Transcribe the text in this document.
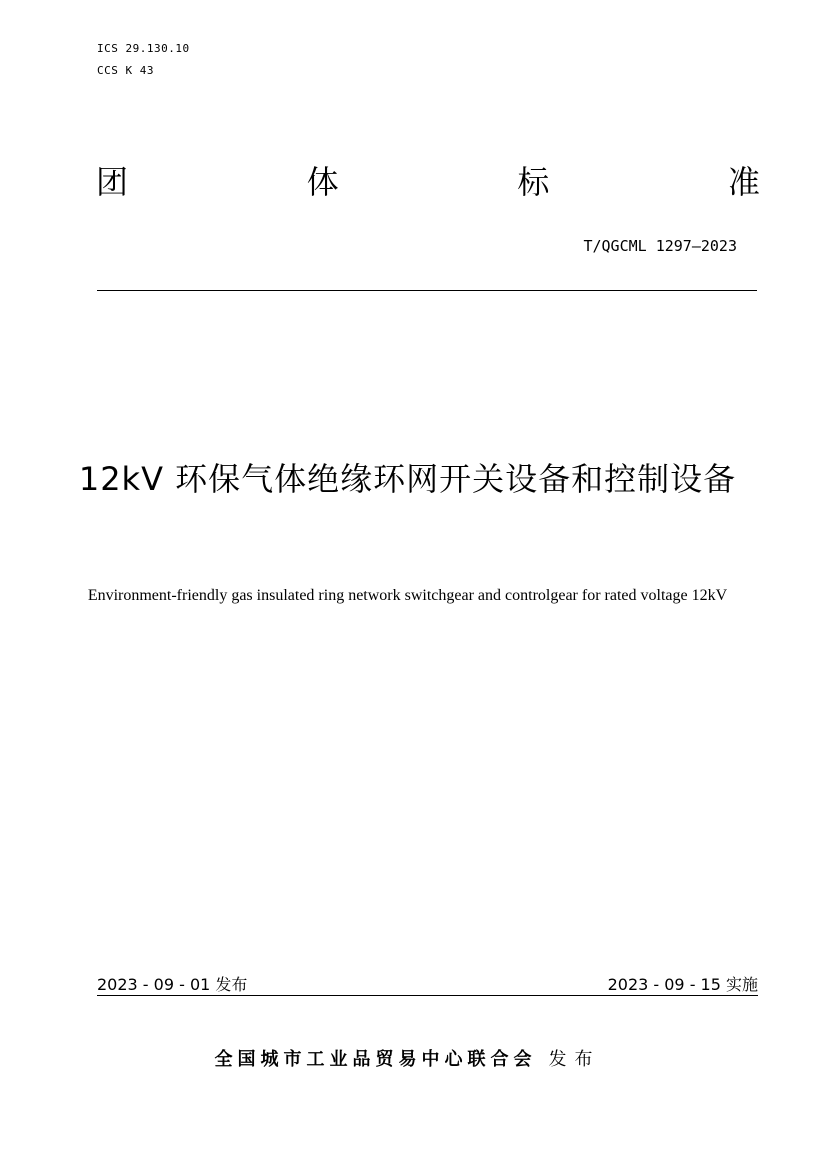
ICS 29.130.10
CCS K 43
团	体	标	准
T/QGCML 1297—2023
12kV 环保气体绝缘环网开关设备和控制设备
Environment-friendly gas insulated ring network switchgear and controlgear for rated voltage 12kV
2023 - 09 - 01 发布	2023 - 09 - 15 实施
全国城市工业品贸易中心联合会 发布
